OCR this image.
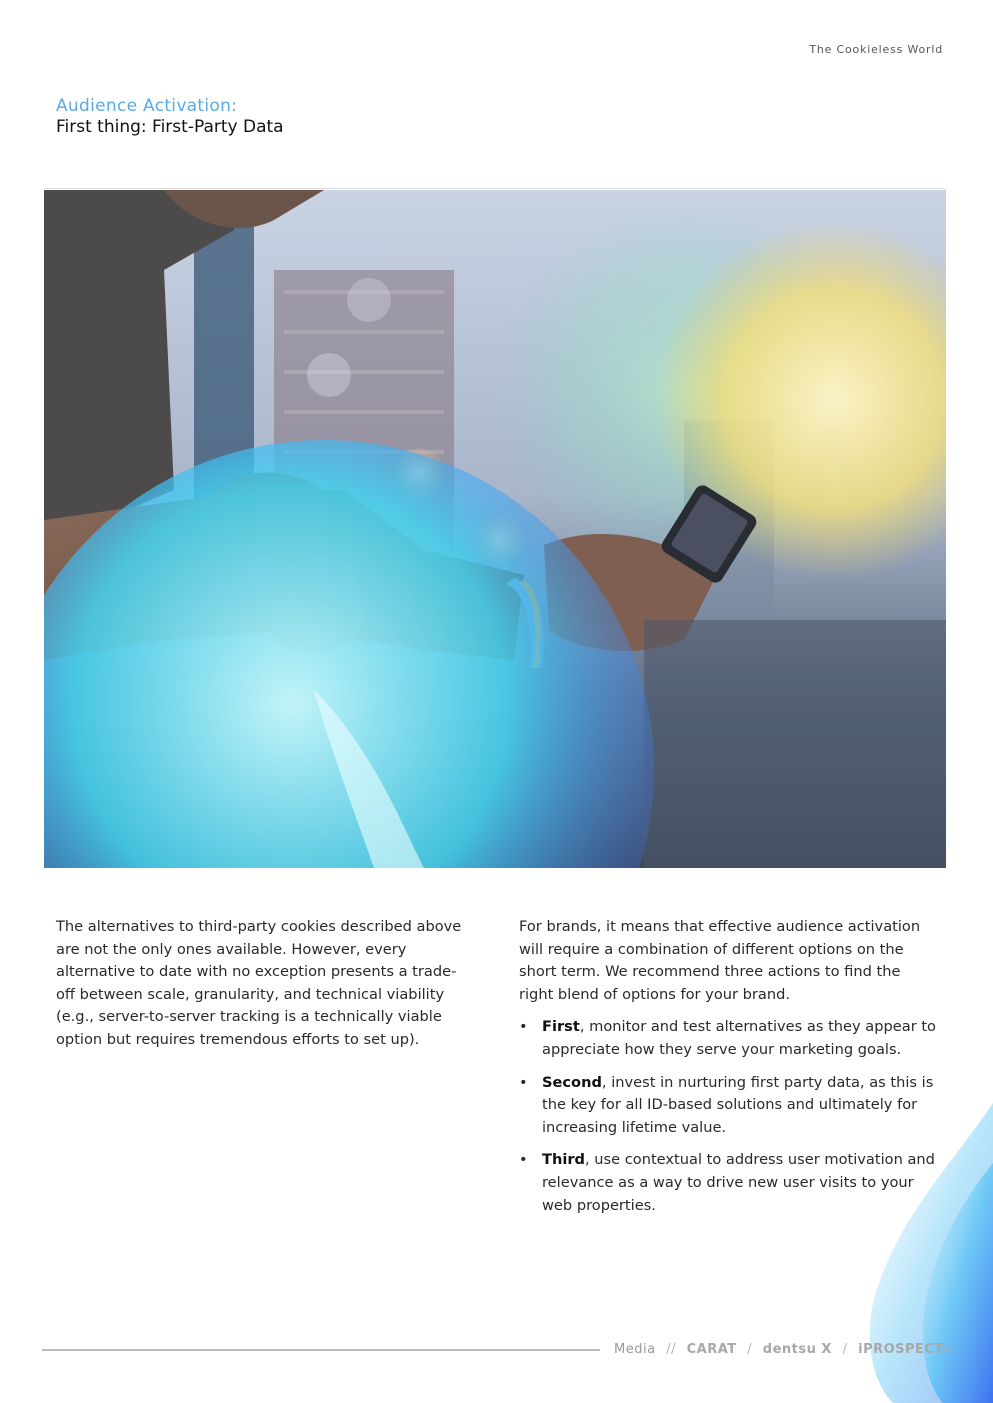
The Cookieless World
Audience Activation:
First thing: First-Party Data

The alternatives to third-party cookies described above are not the only ones available. However, every alternative to date with no exception presents a trade-off between scale, granularity, and technical viability (e.g., server-to-server tracking is a technically viable option but requires tremendous efforts to set up).

For brands, it means that effective audience activation will require a combination of different options on the short term. We recommend three actions to find the right blend of options for your brand.

• First, monitor and test alternatives as they appear to appreciate how they serve your marketing goals.
• Second, invest in nurturing first party data, as this is the key for all ID-based solutions and ultimately for increasing lifetime value.
• Third, use contextual to address user motivation and relevance as a way to drive new user visits to your web properties.
Media // CARAT / dentsu X / iPROSPECT
25
